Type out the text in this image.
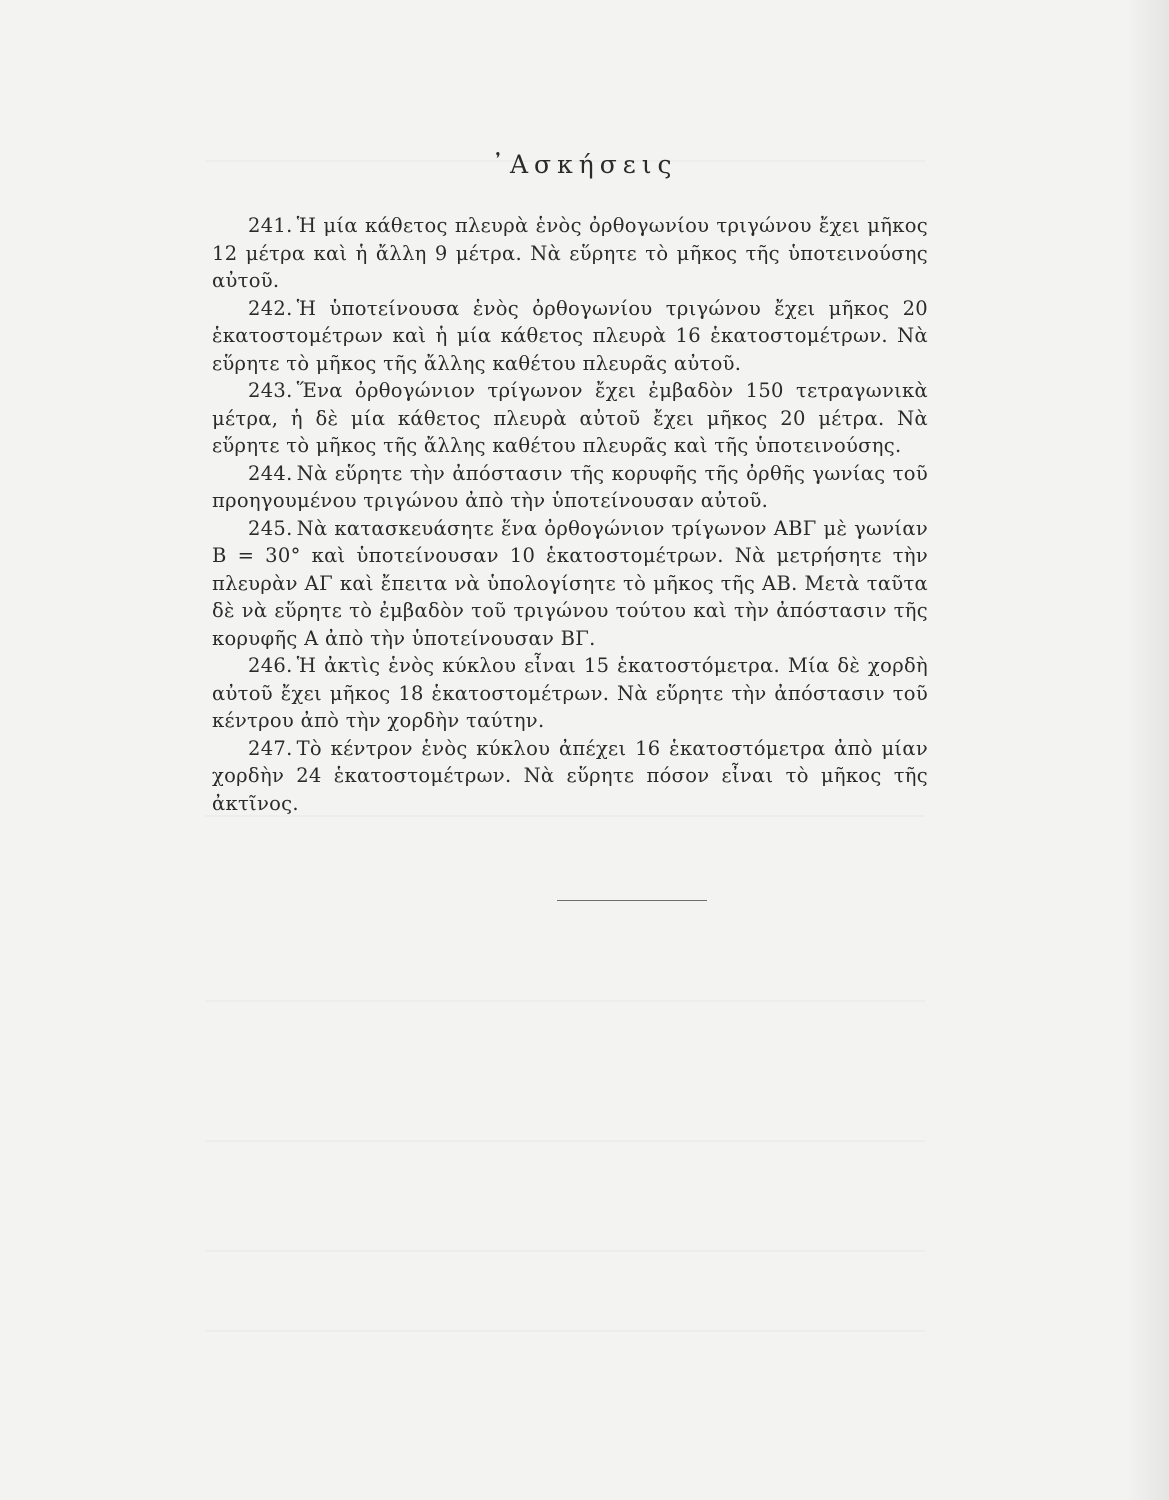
᾿Ασκήσεις

241. Ἡ μία κάθετος πλευρὰ ἑνὸς ὀρθογωνίου τριγώνου ἔχει μῆκος 12 μέτρα καὶ ἡ ἄλλη 9 μέτρα. Νὰ εὕρητε τὸ μῆκος τῆς ὑποτεινούσης αὐτοῦ.

242. Ἡ ὑποτείνουσα ἑνὸς ὀρθογωνίου τριγώνου ἔχει μῆκος 20 ἑκατοστομέτρων καὶ ἡ μία κάθετος πλευρὰ 16 ἑκατοστομέτρων. Νὰ εὕρητε τὸ μῆκος τῆς ἄλλης καθέτου πλευρᾶς αὐτοῦ.

243. Ἕνα ὀρθογώνιον τρίγωνον ἔχει ἐμβαδὸν 150 τετραγωνικὰ μέτρα, ἡ δὲ μία κάθετος πλευρὰ αὐτοῦ ἔχει μῆκος 20 μέτρα. Νὰ εὕρητε τὸ μῆκος τῆς ἄλλης καθέτου πλευρᾶς καὶ τῆς ὑποτεινούσης.

244. Νὰ εὕρητε τὴν ἀπόστασιν τῆς κορυφῆς τῆς ὀρθῆς γωνίας τοῦ προηγουμένου τριγώνου ἀπὸ τὴν ὑποτείνουσαν αὐτοῦ.

245. Νὰ κατασκευάσητε ἕνα ὀρθογώνιον τρίγωνον ΑΒΓ μὲ γωνίαν Β = 30° καὶ ὑποτείνουσαν 10 ἑκατοστομέτρων. Νὰ μετρήσητε τὴν πλευρὰν ΑΓ καὶ ἔπειτα νὰ ὑπολογίσητε τὸ μῆκος τῆς ΑΒ. Μετὰ ταῦτα δὲ νὰ εὕρητε τὸ ἐμβαδὸν τοῦ τριγώνου τούτου καὶ τὴν ἀπόστασιν τῆς κορυφῆς Α ἀπὸ τὴν ὑποτείνουσαν ΒΓ.

246. Ἡ ἀκτὶς ἑνὸς κύκλου εἶναι 15 ἑκατοστόμετρα. Μία δὲ χορδὴ αὐτοῦ ἔχει μῆκος 18 ἑκατοστομέτρων. Νὰ εὕρητε τὴν ἀπόστασιν τοῦ κέντρου ἀπὸ τὴν χορδὴν ταύτην.

247. Τὸ κέντρον ἑνὸς κύκλου ἀπέχει 16 ἑκατοστόμετρα ἀπὸ μίαν χορδὴν 24 ἑκατοστομέτρων. Νὰ εὕρητε πόσον εἶναι τὸ μῆκος τῆς ἀκτῖνος.
